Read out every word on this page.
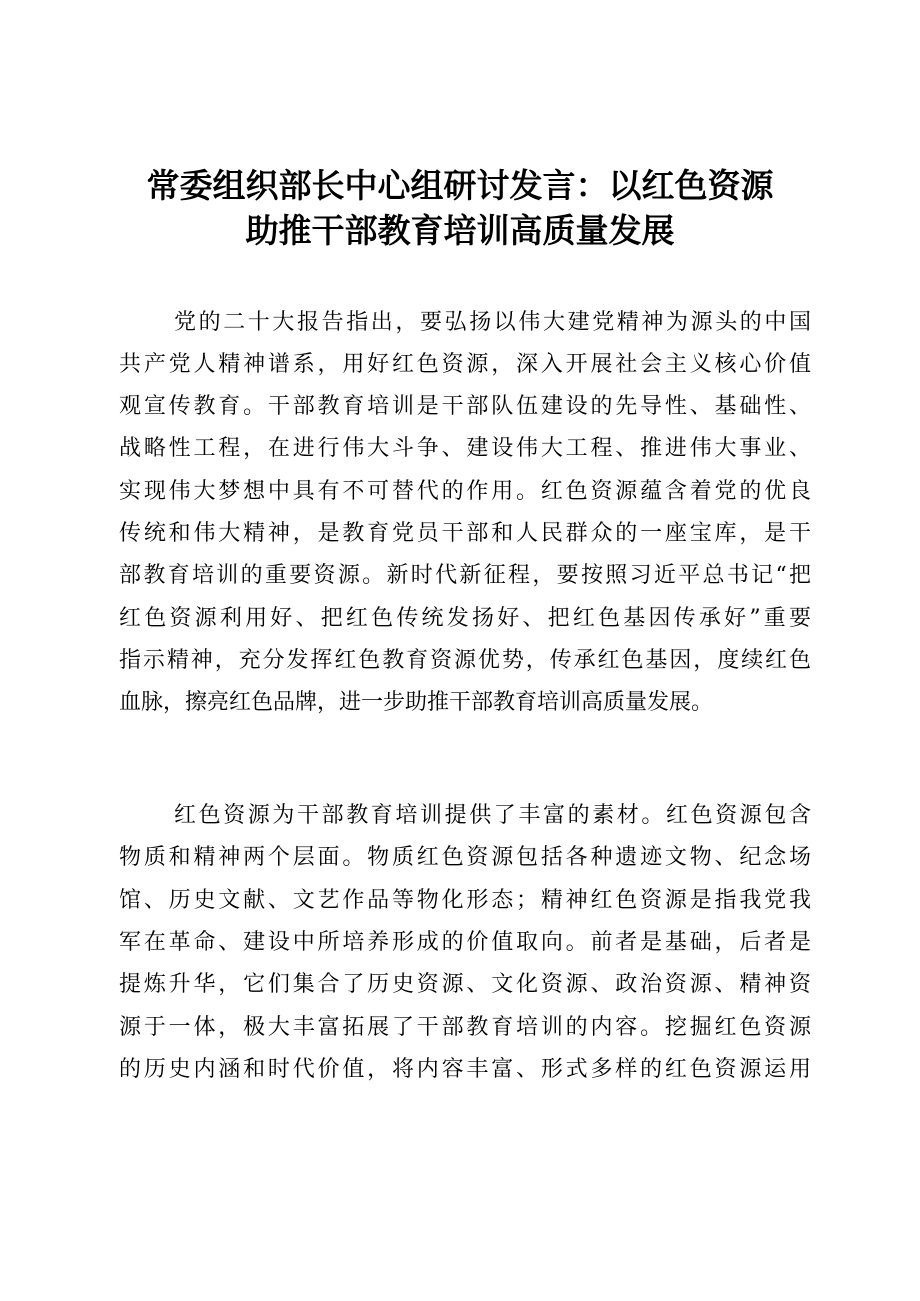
常委组织部长中心组研讨发言：以红色资源
助推干部教育培训高质量发展
党的二十大报告指出，要弘扬以伟大建党精神为源头的中国
共产党人精神谱系，用好红色资源，深入开展社会主义核心价值
观宣传教育。干部教育培训是干部队伍建设的先导性、基础性、
战略性工程，在进行伟大斗争、建设伟大工程、推进伟大事业、
实现伟大梦想中具有不可替代的作用。红色资源蕴含着党的优良
传统和伟大精神，是教育党员干部和人民群众的一座宝库，是干
部教育培训的重要资源。新时代新征程，要按照习近平总书记“把
红色资源利用好、把红色传统发扬好、把红色基因传承好”重要
指示精神，充分发挥红色教育资源优势，传承红色基因，度续红色
血脉，擦亮红色品牌，进一步助推干部教育培训高质量发展。
红色资源为干部教育培训提供了丰富的素材。红色资源包含
物质和精神两个层面。物质红色资源包括各种遗迹文物、纪念场
馆、历史文献、文艺作品等物化形态；精神红色资源是指我党我
军在革命、建设中所培养形成的价值取向。前者是基础，后者是
提炼升华，它们集合了历史资源、文化资源、政治资源、精神资
源于一体，极大丰富拓展了干部教育培训的内容。挖掘红色资源
的历史内涵和时代价值，将内容丰富、形式多样的红色资源运用
